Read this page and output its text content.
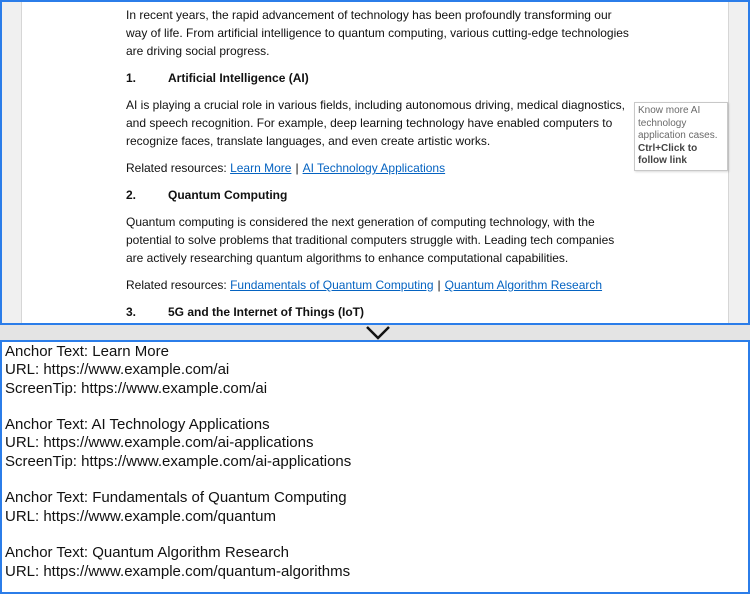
In recent years, the rapid advancement of technology has been profoundly transforming our way of life. From artificial intelligence to quantum computing, various cutting-edge technologies are driving social progress.

1.	Artificial Intelligence (AI)

AI is playing a crucial role in various fields, including autonomous driving, medical diagnostics, and speech recognition. For example, deep learning technology have enabled computers to recognize faces, translate languages, and even create artistic works.

Related resources: Learn More | AI Technology Applications

2.	Quantum Computing

Quantum computing is considered the next generation of computing technology, with the potential to solve problems that traditional computers struggle with. Leading tech companies are actively researching quantum algorithms to enhance computational capabilities.

Related resources: Fundamentals of Quantum Computing | Quantum Algorithm Research

3.	5G and the Internet of Things (IoT)
Know more AI technology application cases.
Ctrl+Click to follow link
Anchor Text: Learn More
URL: https://www.example.com/ai
ScreenTip: https://www.example.com/ai
Anchor Text: AI Technology Applications
URL: https://www.example.com/ai-applications
ScreenTip: https://www.example.com/ai-applications
Anchor Text: Fundamentals of Quantum Computing
URL: https://www.example.com/quantum
Anchor Text: Quantum Algorithm Research
URL: https://www.example.com/quantum-algorithms
